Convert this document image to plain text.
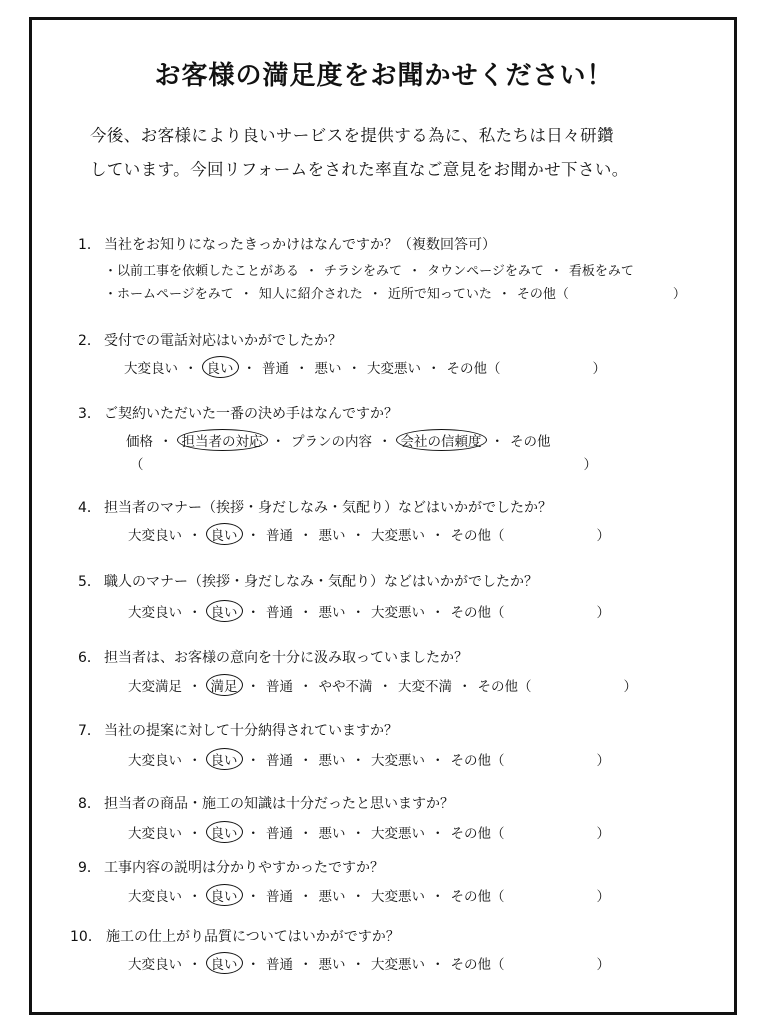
お客様の満足度をお聞かせください！
今後、お客様により良いサービスを提供する為に、私たちは日々研鑽
しています。今回リフォームをされた率直なご意見をお聞かせ下さい。
1． 当社をお知りになったきっかけはなんですか？（複数回答可）
・以前工事を依頼したことがある ・ チラシをみて ・ タウンページをみて ・ 看板をみて
・ホームページをみて ・ 知人に紹介された ・ 近所で知っていた ・ その他（	）
2． 受付での電話対応はいかがでしたか？
大変良い ・ 良い ・ 普通 ・ 悪い ・ 大変悪い ・ その他（	）
3． ご契約いただいた一番の決め手はなんですか？
価格 ・ 担当者の対応 ・ プランの内容 ・ 会社の信頼度 ・ その他
（	）
4． 担当者のマナー（挨拶・身だしなみ・気配り）などはいかがでしたか？
大変良い ・ 良い ・ 普通 ・ 悪い ・ 大変悪い ・ その他（	）
5． 職人のマナー（挨拶・身だしなみ・気配り）などはいかがでしたか？
大変良い ・ 良い ・ 普通 ・ 悪い ・ 大変悪い ・ その他（	）
6． 担当者は、お客様の意向を十分に汲み取っていましたか？
大変満足 ・ 満足 ・ 普通 ・ やや不満 ・ 大変不満 ・ その他（	）
7． 当社の提案に対して十分納得されていますか？
大変良い ・ 良い ・ 普通 ・ 悪い ・ 大変悪い ・ その他（	）
8． 担当者の商品・施工の知識は十分だったと思いますか？
大変良い ・ 良い ・ 普通 ・ 悪い ・ 大変悪い ・ その他（	）
9． 工事内容の説明は分かりやすかったですか？
大変良い ・ 良い ・ 普通 ・ 悪い ・ 大変悪い ・ その他（	）
10． 施工の仕上がり品質についてはいかがですか？
大変良い ・ 良い ・ 普通 ・ 悪い ・ 大変悪い ・ その他（	）
